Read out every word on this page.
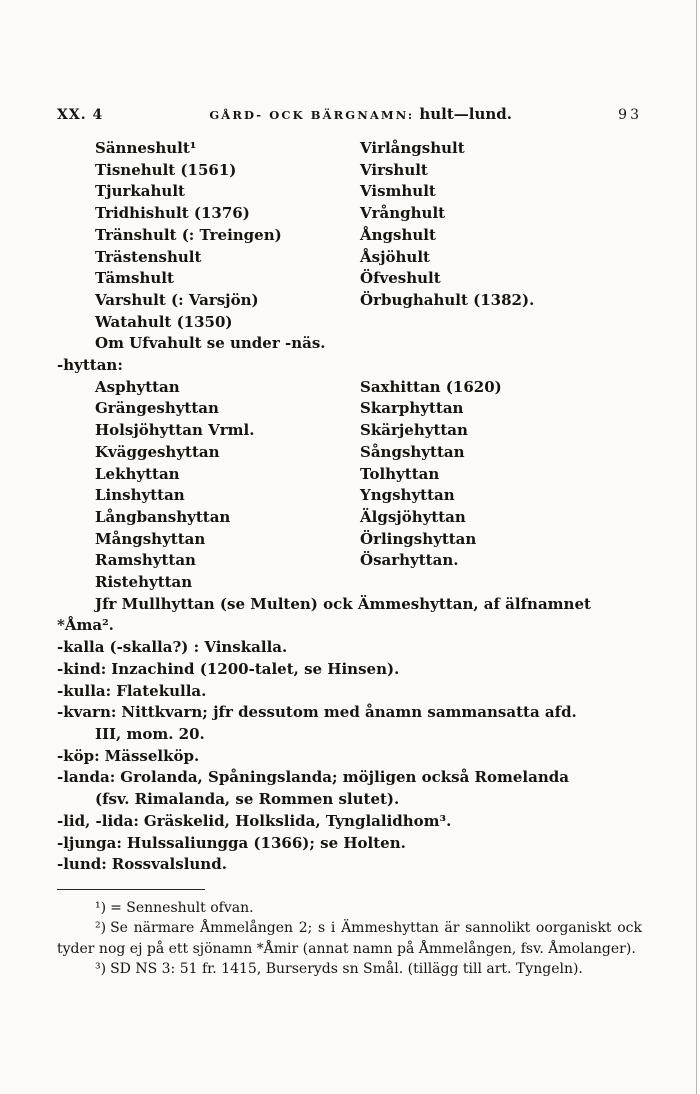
XX. 4	GÅRD- OCK BÄRGNAMN: hult—lund.	93
Sänneshult¹
Tisnehult (1561)
Tjurkahult
Tridhishult (1376)
Tränshult (: Treingen)
Trästenshult
Tämshult
Varshult (: Varsjön)
Watahult (1350)
Virlångshult
Virshult
Vismhult
Vrånghult
Ångshult
Åsjöhult
Öfveshult
Örbughahult (1382).
Om Ufvahult se under -näs.
-hyttan:
Asphyttan
Grängeshyttan
Holsjöhyttan Vrml.
Kväggeshyttan
Lekhyttan
Linshyttan
Långbanshyttan
Mångshyttan
Ramshyttan
Ristehyttan
Saxhittan (1620)
Skarphyttan
Skärjehyttan
Sångshyttan
Tolhyttan
Yngshyttan
Älgsjöhyttan
Örlingshyttan
Ösarhyttan.
Jfr Mullhyttan (se Multen) ock Ämmeshyttan, af älfnamnet
*Åma².
-kalla (-skalla?) : Vinskalla.
-kind: Inzachind (1200-talet, se Hinsen).
-kulla: Flatekulla.
-kvarn: Nittkvarn; jfr dessutom med ånamn sammansatta afd.
III, mom. 20.
-köp: Mässelköp.
-landa: Grolanda, Spåningslanda; möjligen också Romelanda
(fsv. Rimalanda, se Rommen slutet).
-lid, -lida: Gräskelid, Holkslida, Tynglalidhom³.
-ljunga: Hulssaliungga (1366); se Holten.
-lund: Rossvalslund.
¹) = Senneshult ofvan.
²) Se närmare Åmmelången 2; s i Ämmeshyttan är sannolikt oorganiskt ock tyder nog ej på ett sjönamn *Åmir (annat namn på Åmmelången, fsv. Åmolanger).
³) SD NS 3: 51 fr. 1415, Burseryds sn Smål. (tillägg till art. Tyngeln).
